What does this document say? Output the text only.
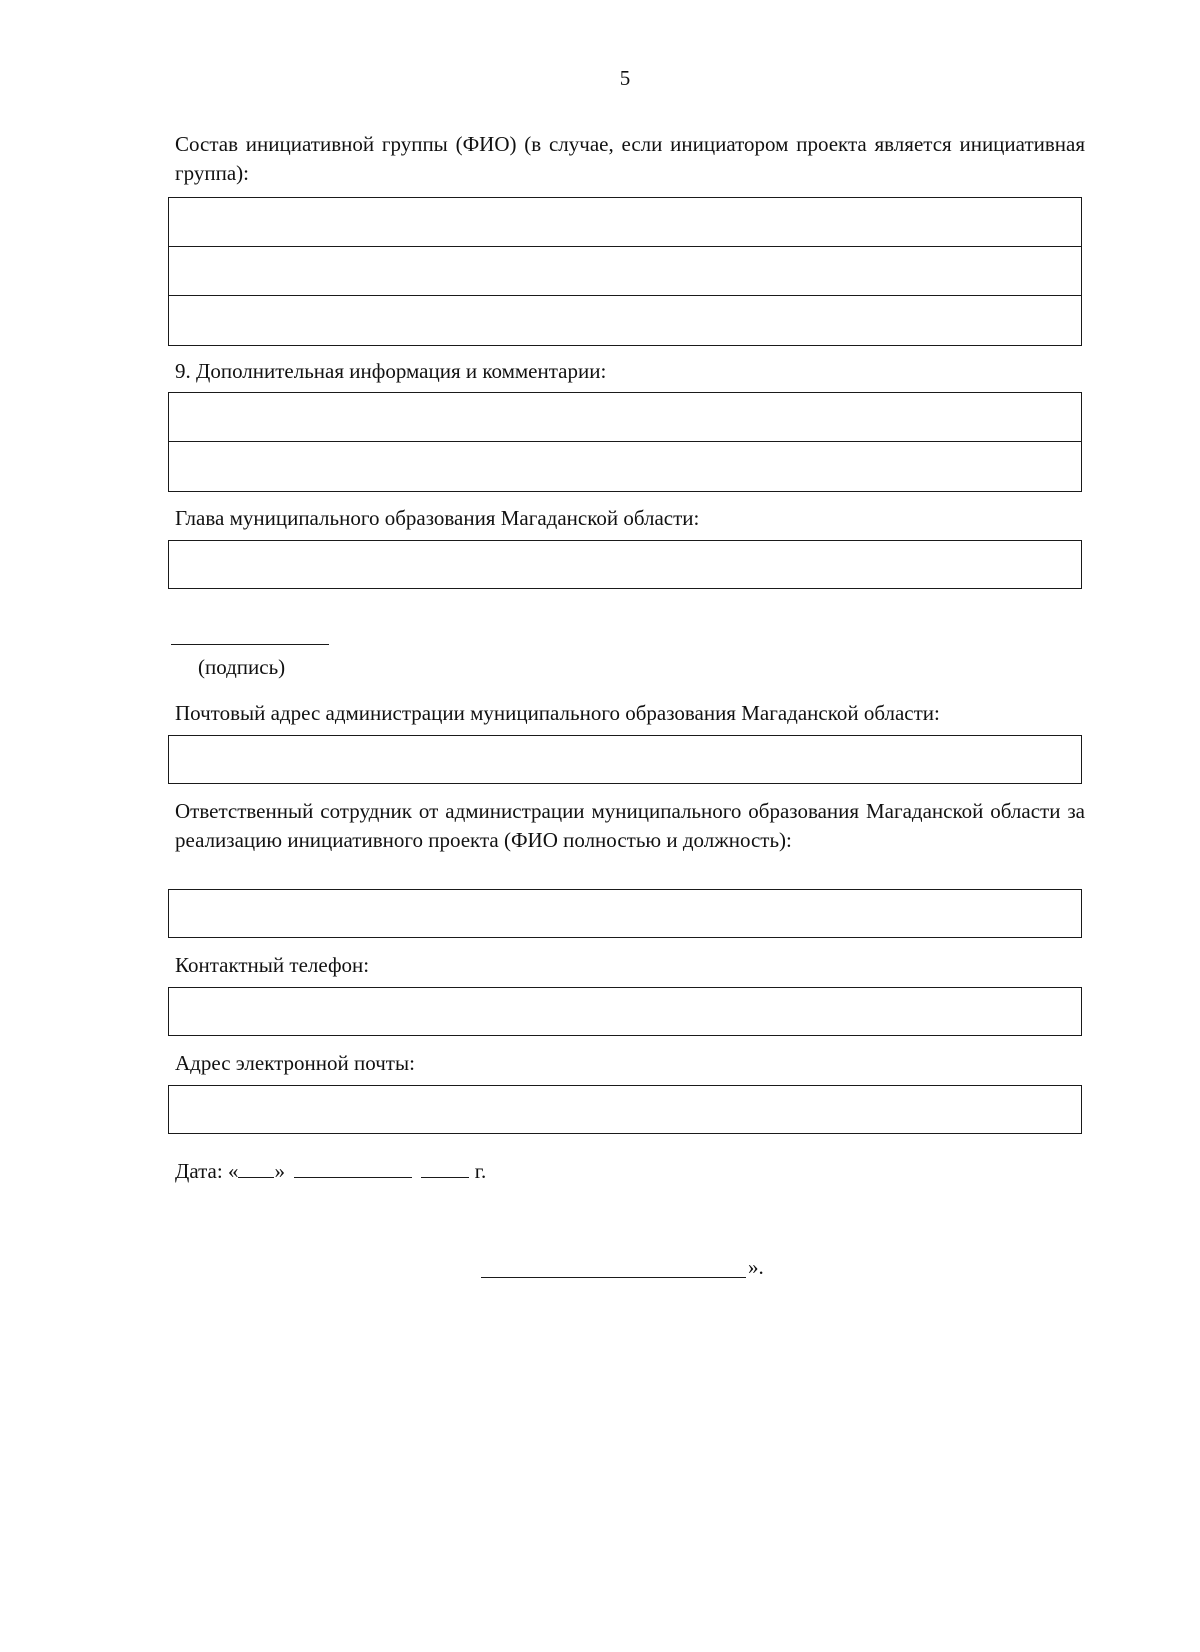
5
Состав инициативной группы (ФИО) (в случае, если инициатором проекта является инициативная группа):
9. Дополнительная информация и комментарии:
Глава муниципального образования Магаданской области:
(подпись)
Почтовый адрес администрации муниципального образования Магаданской области:
Ответственный сотрудник от администрации муниципального образования Магаданской области за реализацию инициативного проекта (ФИО полностью и должность):
Контактный телефон:
Адрес электронной почты:
Дата: « »	г.
».
